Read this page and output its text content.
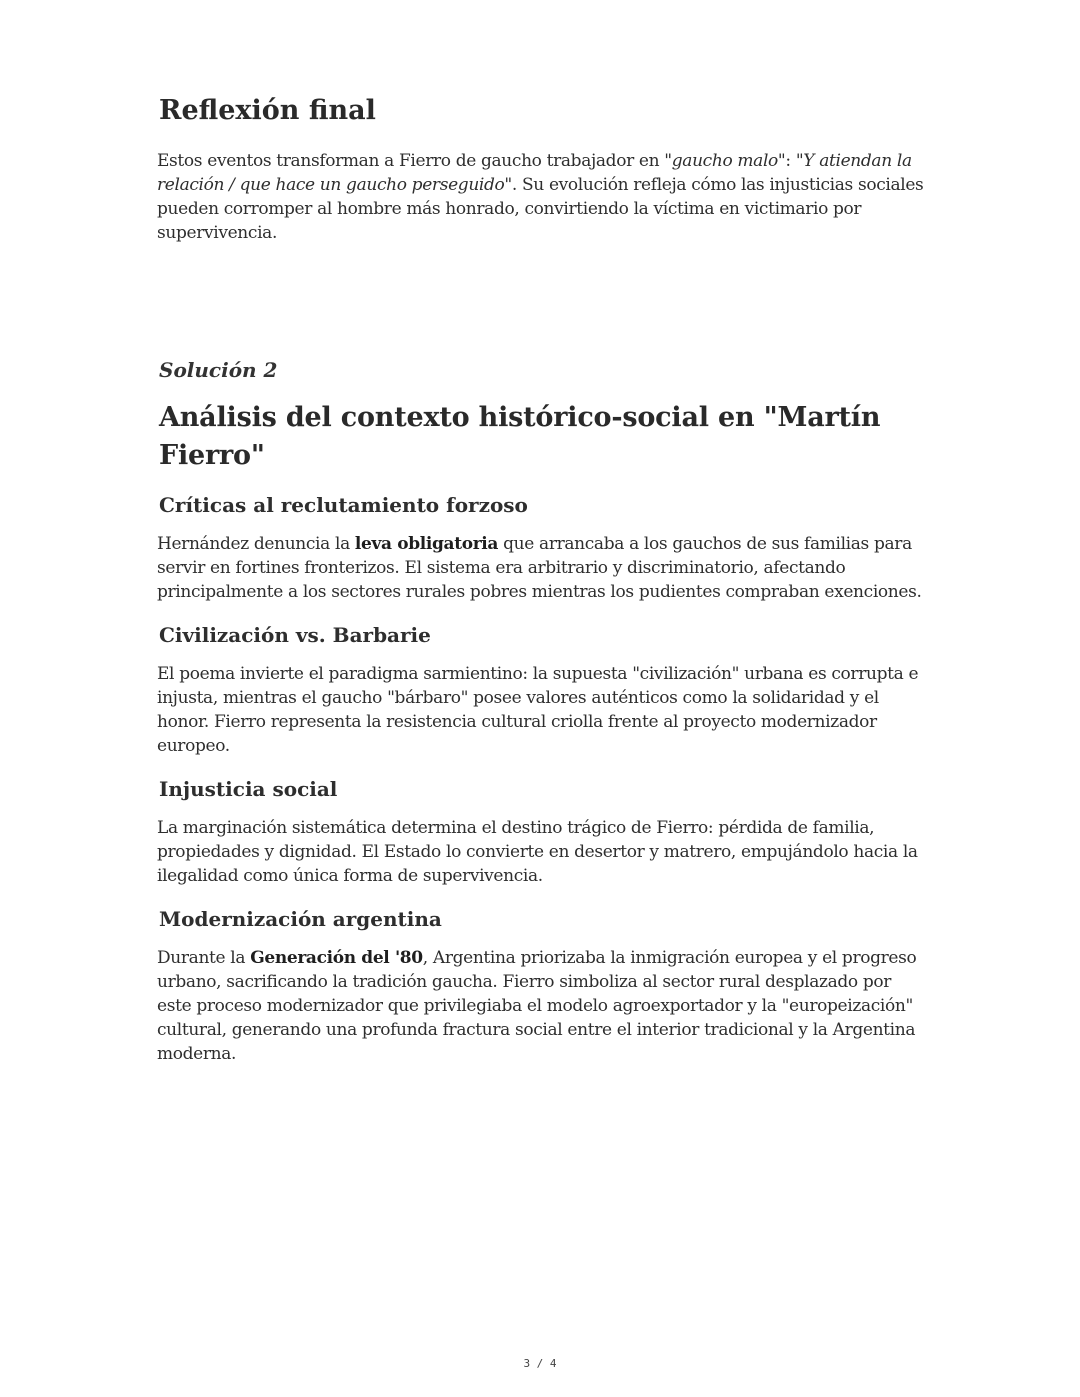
Reflexión final

Estos eventos transforman a Fierro de gaucho trabajador en "gaucho malo": "Y atiendan la relación / que hace un gaucho perseguido". Su evolución refleja cómo las injusticias sociales pueden corromper al hombre más honrado, convirtiendo la víctima en victimario por supervivencia.

Solución 2
Análisis del contexto histórico-social en "Martín Fierro"
Críticas al reclutamiento forzoso

Hernández denuncia la leva obligatoria que arrancaba a los gauchos de sus familias para servir en fortines fronterizos. El sistema era arbitrario y discriminatorio, afectando principalmente a los sectores rurales pobres mientras los pudientes compraban exenciones.

Civilización vs. Barbarie

El poema invierte el paradigma sarmientino: la supuesta "civilización" urbana es corrupta e injusta, mientras el gaucho "bárbaro" posee valores auténticos como la solidaridad y el honor. Fierro representa la resistencia cultural criolla frente al proyecto modernizador europeo.

Injusticia social

La marginación sistemática determina el destino trágico de Fierro: pérdida de familia, propiedades y dignidad. El Estado lo convierte en desertor y matrero, empujándolo hacia la ilegalidad como única forma de supervivencia.

Modernización argentina

Durante la Generación del '80, Argentina priorizaba la inmigración europea y el progreso urbano, sacrificando la tradición gaucha. Fierro simboliza al sector rural desplazado por este proceso modernizador que privilegiaba el modelo agroexportador y la "europeización" cultural, generando una profunda fractura social entre el interior tradicional y la Argentina moderna.

3 / 4
